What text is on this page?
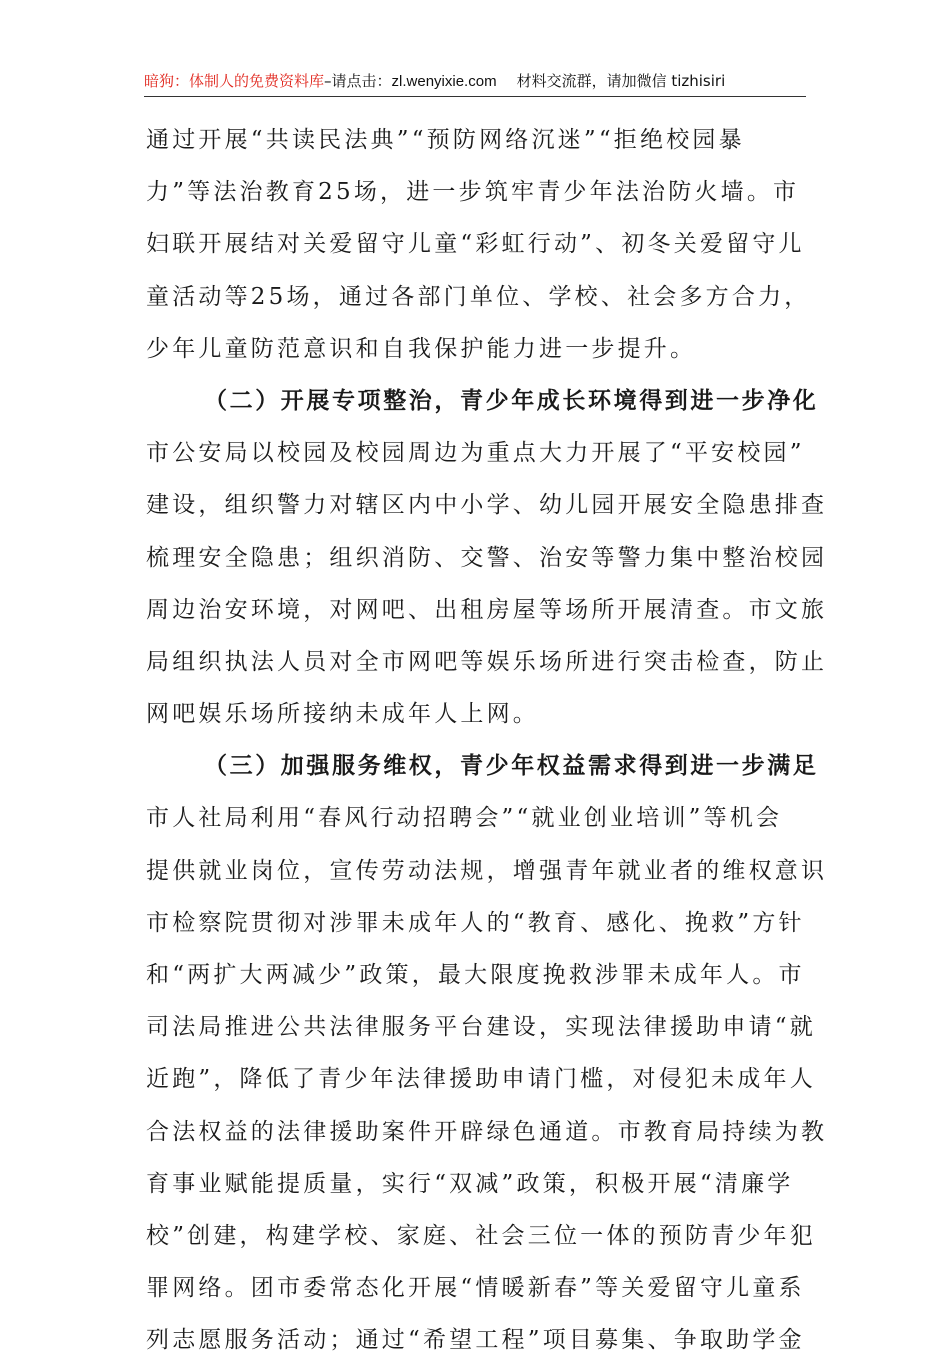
暗狗：体制人的免费资料库–请点击：zl.wenyixie.com 材料交流群，请加微信 tizhisiri
通过开展“共读民法典”“预防网络沉迷”“拒绝校园暴
力”等法治教育25场，进一步筑牢青少年法治防火墙。市
妇联开展结对关爱留守儿童“彩虹行动”、初冬关爱留守儿
童活动等25场，通过各部门单位、学校、社会多方合力，
少年儿童防范意识和自我保护能力进一步提升。
（二）开展专项整治，青少年成长环境得到进一步净化
市公安局以校园及校园周边为重点大力开展了“平安校园”
建设，组织警力对辖区内中小学、幼儿园开展安全隐患排查
梳理安全隐患；组织消防、交警、治安等警力集中整治校园
周边治安环境，对网吧、出租房屋等场所开展清查。市文旅
局组织执法人员对全市网吧等娱乐场所进行突击检查，防止
网吧娱乐场所接纳未成年人上网。
（三）加强服务维权，青少年权益需求得到进一步满足
市人社局利用“春风行动招聘会”“就业创业培训”等机会
提供就业岗位，宣传劳动法规，增强青年就业者的维权意识
市检察院贯彻对涉罪未成年人的“教育、感化、挽救”方针
和“两扩大两减少”政策，最大限度挽救涉罪未成年人。市
司法局推进公共法律服务平台建设，实现法律援助申请“就
近跑”，降低了青少年法律援助申请门槛，对侵犯未成年人
合法权益的法律援助案件开辟绿色通道。市教育局持续为教
育事业赋能提质量，实行“双减”政策，积极开展“清廉学
校”创建，构建学校、家庭、社会三位一体的预防青少年犯
罪网络。团市委常态化开展“情暖新春”等关爱留守儿童系
列志愿服务活动；通过“希望工程”项目募集、争取助学金
